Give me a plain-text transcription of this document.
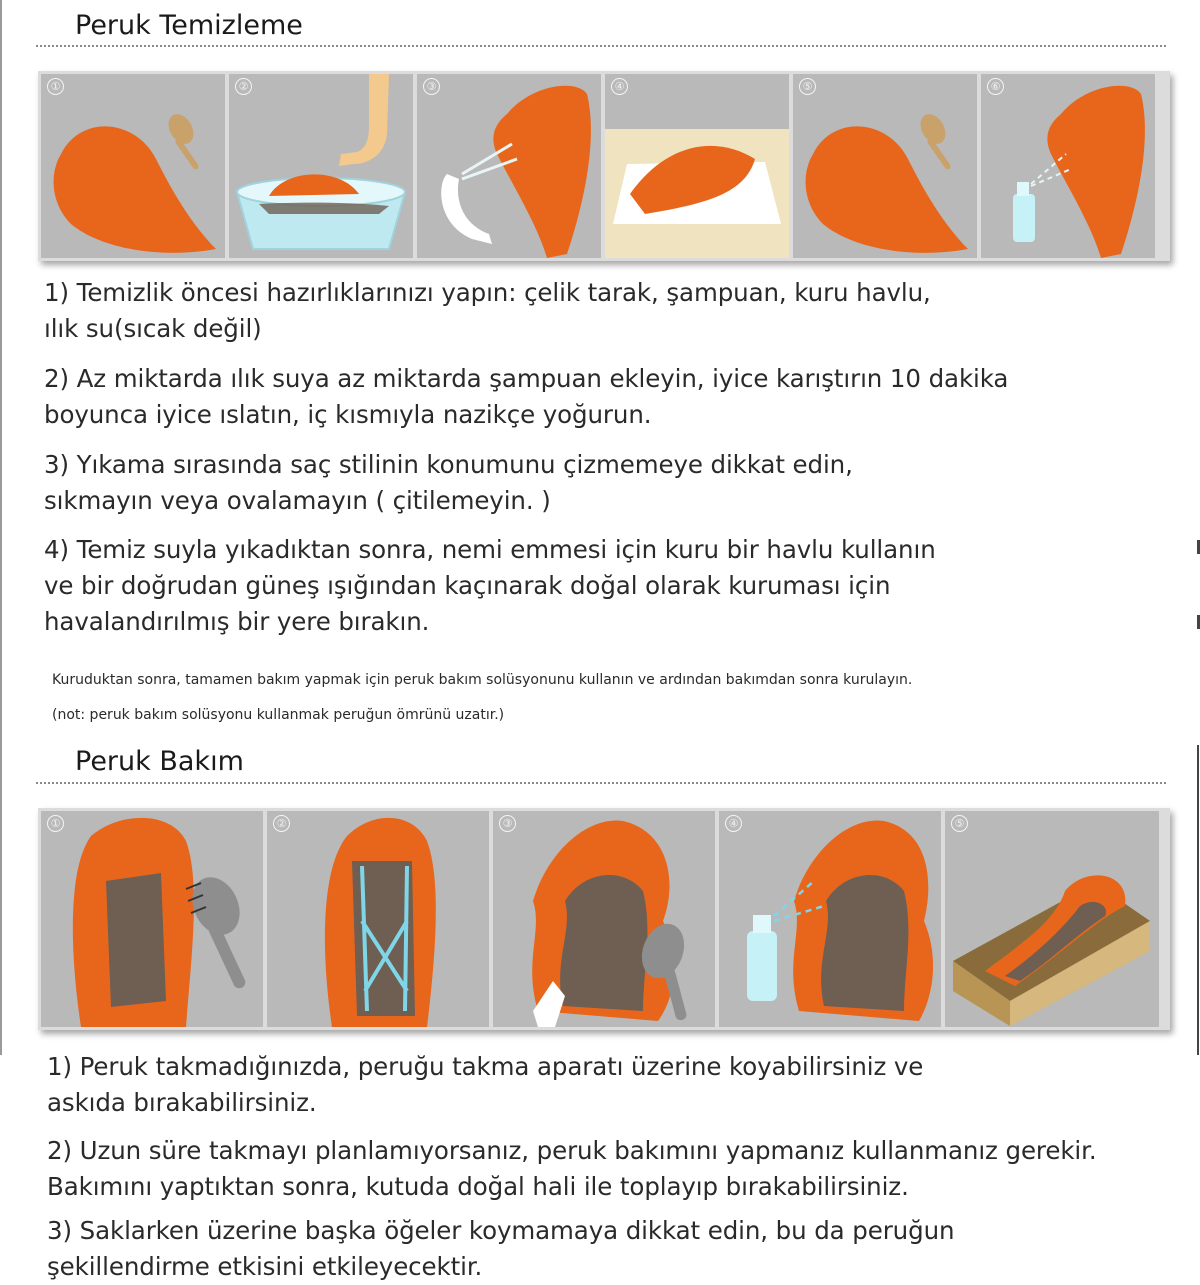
Peruk Temizleme
①	②	③	④	⑤	⑥
1) Temizlik öncesi hazırlıklarınızı yapın: çelik tarak, şampuan, kuru havlu,
ılık su(sıcak değil)
2) Az miktarda ılık suya az miktarda şampuan ekleyin, iyice karıştırın 10 dakika
boyunca iyice ıslatın, iç kısmıyla nazikçe yoğurun.
3) Yıkama sırasında saç stilinin konumunu çizmemeye dikkat edin,
sıkmayın veya ovalamayın ( çitilemeyin. )
4) Temiz suyla yıkadıktan sonra, nemi emmesi için kuru bir havlu kullanın
ve bir doğrudan güneş ışığından kaçınarak doğal olarak kuruması için
havalandırılmış bir yere bırakın.
Kuruduktan sonra, tamamen bakım yapmak için peruk bakım solüsyonunu kullanın ve ardından bakımdan sonra kurulayın.
(not: peruk bakım solüsyonu kullanmak peruğun ömrünü uzatır.)
Peruk Bakım
①	②	③	④	⑤
1) Peruk takmadığınızda, peruğu takma aparatı üzerine koyabilirsiniz ve
askıda bırakabilirsiniz.
2) Uzun süre takmayı planlamıyorsanız, peruk bakımını yapmanız kullanmanız gerekir.
Bakımını yaptıktan sonra, kutuda doğal hali ile toplayıp bırakabilirsiniz.
3) Saklarken üzerine başka öğeler koymamaya dikkat edin, bu da peruğun
şekillendirme etkisini etkileyecektir.
